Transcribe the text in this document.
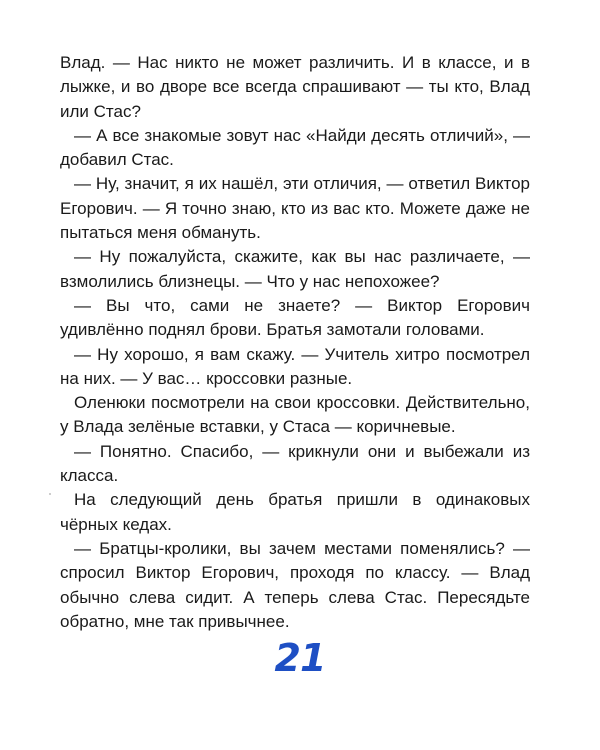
Влад. — Нас никто не может различить. И в классе, и в лыжке, и во дворе все всегда спрашивают — ты кто, Влад или Стас?

— А все знакомые зовут нас «Найди десять отличий», — добавил Стас.

— Ну, значит, я их нашёл, эти отличия, — ответил Виктор Егорович. — Я точно знаю, кто из вас кто. Можете даже не пытаться меня обмануть.

— Ну пожалуйста, скажите, как вы нас различаете, — взмолились близнецы. — Что у нас непохожее?

— Вы что, сами не знаете? — Виктор Егорович удивлённо поднял брови. Братья замотали головами.

— Ну хорошо, я вам скажу. — Учитель хитро посмотрел на них. — У вас… кроссовки разные.

Оленюки посмотрели на свои кроссовки. Действительно, у Влада зелёные вставки, у Стаса — коричневые.

— Понятно. Спасибо, — крикнули они и выбежали из класса.

На следующий день братья пришли в одинаковых чёрных кедах.

— Братцы-кролики, вы зачем местами поменялись? — спросил Виктор Егорович, проходя по классу. — Влад обычно слева сидит. А теперь слева Стас. Пересядьте обратно, мне так привычнее.

21
